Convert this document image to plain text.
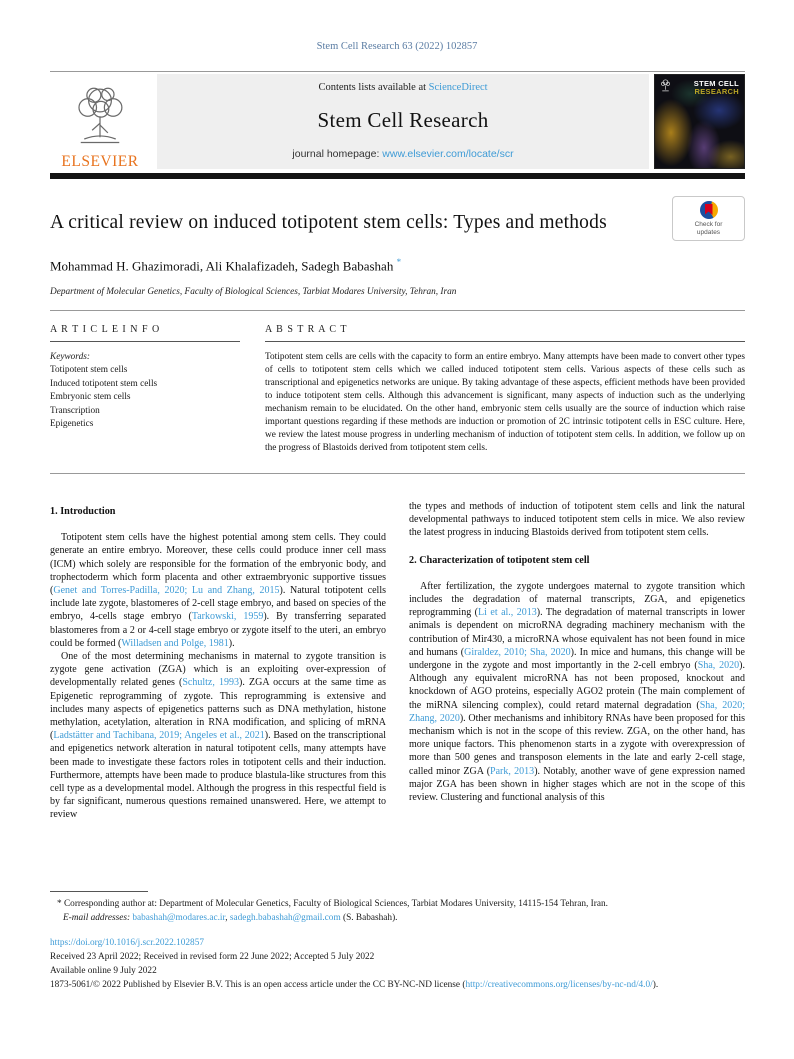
Stem Cell Research 63 (2022) 102857
ELSEVIER
Contents lists available at ScienceDirect
Stem Cell Research
journal homepage: www.elsevier.com/locate/scr
STEM CELL
RESEARCH
A critical review on induced totipotent stem cells: Types and methods	Check for
updates
Mohammad H. Ghazimoradi, Ali Khalafizadeh, Sadegh Babashah *
Department of Molecular Genetics, Faculty of Biological Sciences, Tarbiat Modares University, Tehran, Iran
A R T I C L E I N F O
Keywords:
Totipotent stem cells
Induced totipotent stem cells
Embryonic stem cells
Transcription
Epigenetics
A B S T R A C T
Totipotent stem cells are cells with the capacity to form an entire embryo. Many attempts have been made to convert other types of cells to totipotent stem cells which we called induced totipotent stem cells. Various aspects of these cells such as transcriptional and epigenetics networks are unique. By taking advantage of these aspects, efficient methods have been provided to induce totipotent stem cells. Although this advancement is significant, many aspects of induction such as the underlying mechanism remain to be elucidated. On the other hand, embryonic stem cells usually are the source of induction which raise important questions regarding if these methods are induction or promotion of 2C intrinsic totipotent cells in ESC culture. Here, we review the latest mouse progress in underling mechanism of induction of totipotent stem cells. In addition, we follow up on the progress of Blastoids derived from totipotent stem cells.
1. Introduction

Totipotent stem cells have the highest potential among stem cells. They could generate an entire embryo. Moreover, these cells could produce inner cell mass (ICM) which solely are responsible for the formation of the embryonic body, and trophectoderm which form placenta and other extraembryonic supportive tissues (Genet and Torres-Padilla, 2020; Lu and Zhang, 2015). Natural totipotent cells include late zygote, blastomeres of 2-cell stage embryo, and based on species of the embryo, 4-cells stage embryo (Tarkowski, 1959). By transferring separated blastomeres from a 2 or 4-cell stage embryo or zygote itself to the uteri, an embryo could be formed (Willadsen and Polge, 1981).

One of the most determining mechanisms in maternal to zygote transition is zygote gene activation (ZGA) which is an exploiting over-expression of developmentally related genes (Schultz, 1993). ZGA occurs at the same time as Epigenetic reprogramming of zygote. This reprogramming is extensive and includes many aspects of epigenetics patterns such as DNA methylation, histone methylation, acetylation, alteration in RNA modification, and splicing of mRNA (Ladstätter and Tachibana, 2019; Angeles et al., 2021). Based on the transcriptional and epigenetics network alteration in natural totipotent cells, many attempts have been made to investigate these factors roles in totipotent cells and their induction. Furthermore, attempts have been made to produce blastula-like structures from this cell type as a developmental model. Although the progress in this respectful field is by far significant, numerous questions remained unanswered. Here, we attempt to review

the types and methods of induction of totipotent stem cells and link the natural developmental pathways to induced totipotent stem cells in mice. We also review the latest progress in inducing Blastoids derived from totipotent stem cells.

2. Characterization of totipotent stem cell

After fertilization, the zygote undergoes maternal to zygote transition which includes the degradation of maternal transcripts, ZGA, and epigenetics reprogramming (Li et al., 2013). The degradation of maternal transcripts in lower animals is dependent on microRNA degrading machinery mechanism with the contribution of Mir430, a microRNA whose equivalent has not been found in mice and humans (Giraldez, 2010; Sha, 2020). In mice and humans, this change will be undergone in the zygote and most importantly in the 2-cell embryo (Sha, 2020). Although any equivalent microRNA has not been proposed, knockout and knockdown of AGO proteins, especially AGO2 protein (The main complement of the miRNA silencing complex), could retard maternal degradation (Sha, 2020; Zhang, 2020). Other mechanisms and inhibitory RNAs have been proposed for this mechanism which is not in the scope of this review. ZGA, on the other hand, has more unique factors. This phenomenon starts in a zygote with overexpression of more than 500 genes and transposon elements in the late and early 2-cell stage, called minor ZGA (Park, 2013). Notably, another wave of gene expression named major ZGA has been shown in higher stages which are not in the scope of this review. Clustering and functional analysis of this

* Corresponding author at: Department of Molecular Genetics, Faculty of Biological Sciences, Tarbiat Modares University, 14115-154 Tehran, Iran.
E-mail addresses: babashah@modares.ac.ir, sadegh.babashah@gmail.com (S. Babashah).
https://doi.org/10.1016/j.scr.2022.102857
Received 23 April 2022; Received in revised form 22 June 2022; Accepted 5 July 2022
Available online 9 July 2022
1873-5061/© 2022 Published by Elsevier B.V. This is an open access article under the CC BY-NC-ND license (http://creativecommons.org/licenses/by-nc-nd/4.0/).
